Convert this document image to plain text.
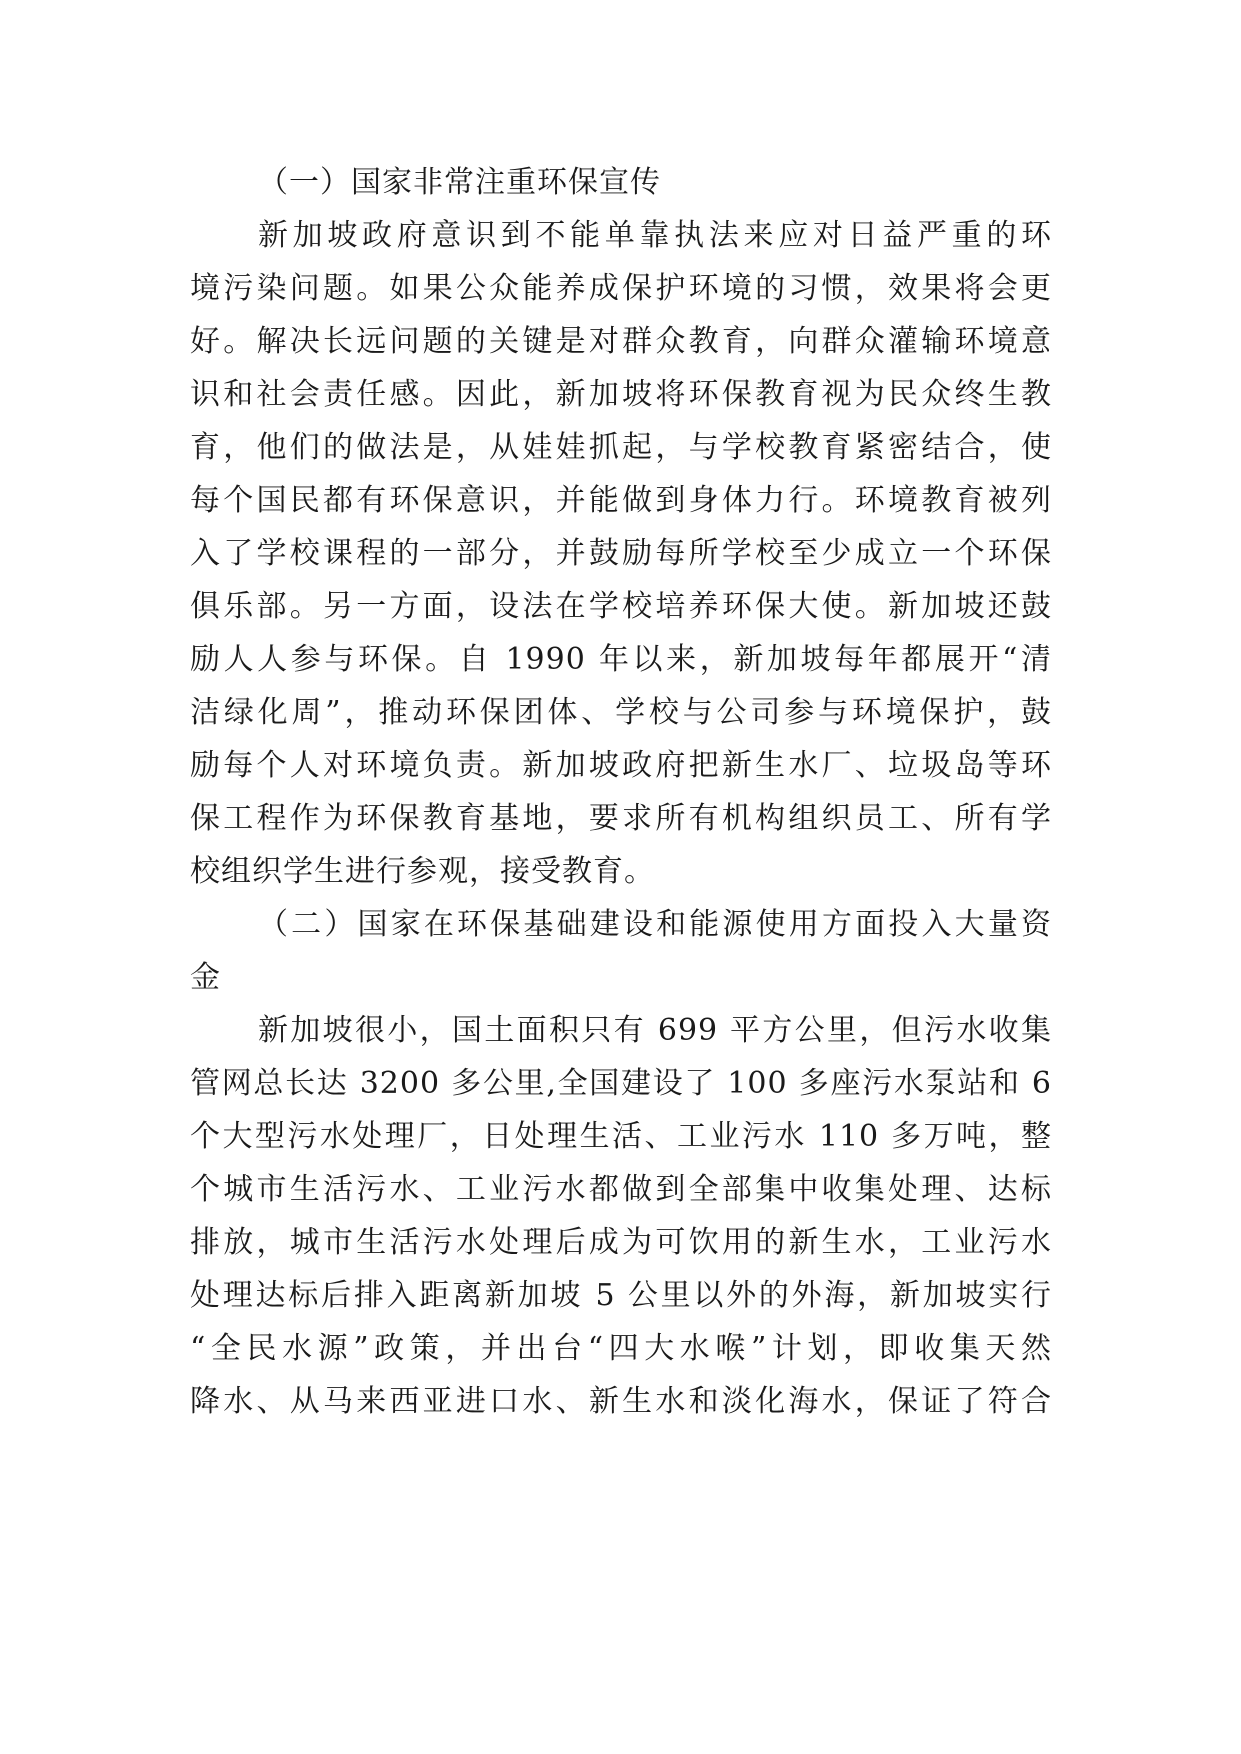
（一）国家非常注重环保宣传
新加坡政府意识到不能单靠执法来应对日益严重的环
境污染问题。如果公众能养成保护环境的习惯，效果将会更
好。解决长远问题的关键是对群众教育，向群众灌输环境意
识和社会责任感。因此，新加坡将环保教育视为民众终生教
育，他们的做法是，从娃娃抓起，与学校教育紧密结合，使
每个国民都有环保意识，并能做到身体力行。环境教育被列
入了学校课程的一部分，并鼓励每所学校至少成立一个环保
俱乐部。另一方面，设法在学校培养环保大使。新加坡还鼓
励人人参与环保。自 1990 年以来，新加坡每年都展开“清
洁绿化周”，推动环保团体、学校与公司参与环境保护，鼓
励每个人对环境负责。新加坡政府把新生水厂、垃圾岛等环
保工程作为环保教育基地，要求所有机构组织员工、所有学
校组织学生进行参观，接受教育。
（二）国家在环保基础建设和能源使用方面投入大量资
金
新加坡很小，国土面积只有 699 平方公里，但污水收集
管网总长达 3200 多公里,全国建设了 100 多座污水泵站和 6
个大型污水处理厂，日处理生活、工业污水 110 多万吨，整
个城市生活污水、工业污水都做到全部集中收集处理、达标
排放，城市生活污水处理后成为可饮用的新生水，工业污水
处理达标后排入距离新加坡 5 公里以外的外海，新加坡实行
“全民水源”政策，并出台“四大水喉”计划，即收集天然
降水、从马来西亚进口水、新生水和淡化海水，保证了符合
